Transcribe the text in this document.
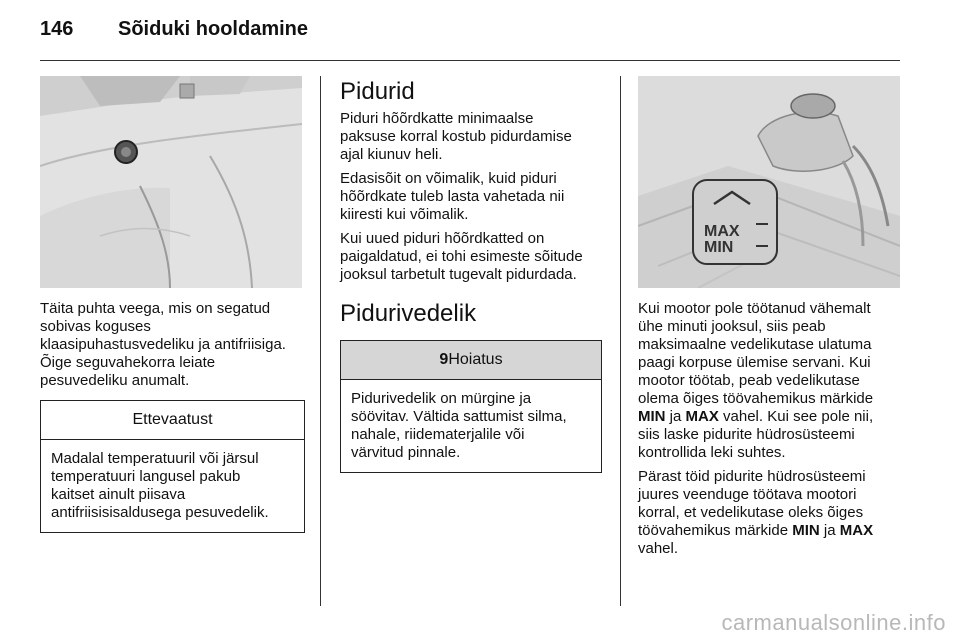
146 Sõiduki hooldamine

Täita puhta veega, mis on segatud
sobivas koguses
klaasipuhastusvedeliku ja antifriisiga.
Õige seguvahekorra leiate
pesuvedeliku anumalt.

Ettevaatust
Madalal temperatuuril või järsul
temperatuuri langusel pakub
kaitset ainult piisava
antifriisisisaldusega pesuvedelik.
Pidurid

Piduri hõõrdkatte minimaalse
paksuse korral kostub pidurdamise
ajal kiunuv heli.

Edasisõit on võimalik, kuid piduri
hõõrdkate tuleb lasta vahetada nii
kiiresti kui võimalik.

Kui uued piduri hõõrdkatted on
paigaldatud, ei tohi esimeste sõitude
jooksul tarbetult tugevalt pidurdada.

Pidurivedelik
9Hoiatus
Pidurivedelik on mürgine ja
söövitav. Vältida sattumist silma,
nahale, riidematerjalile või
värvitud pinnale.
MAX
MIN

Kui mootor pole töötanud vähemalt
ühe minuti jooksul, siis peab
maksimaalne vedelikutase ulatuma
paagi korpuse ülemise servani. Kui
mootor töötab, peab vedelikutase
olema õiges töövahemikus märkide
MIN ja MAX vahel. Kui see pole nii,
siis laske pidurite hüdrosüsteemi
kontrollida leki suhtes.

Pärast töid pidurite hüdrosüsteemi
juures veenduge töötava mootori
korral, et vedelikutase oleks õiges
töövahemikus märkide MIN ja MAX
vahel.

carmanualsonline.info
